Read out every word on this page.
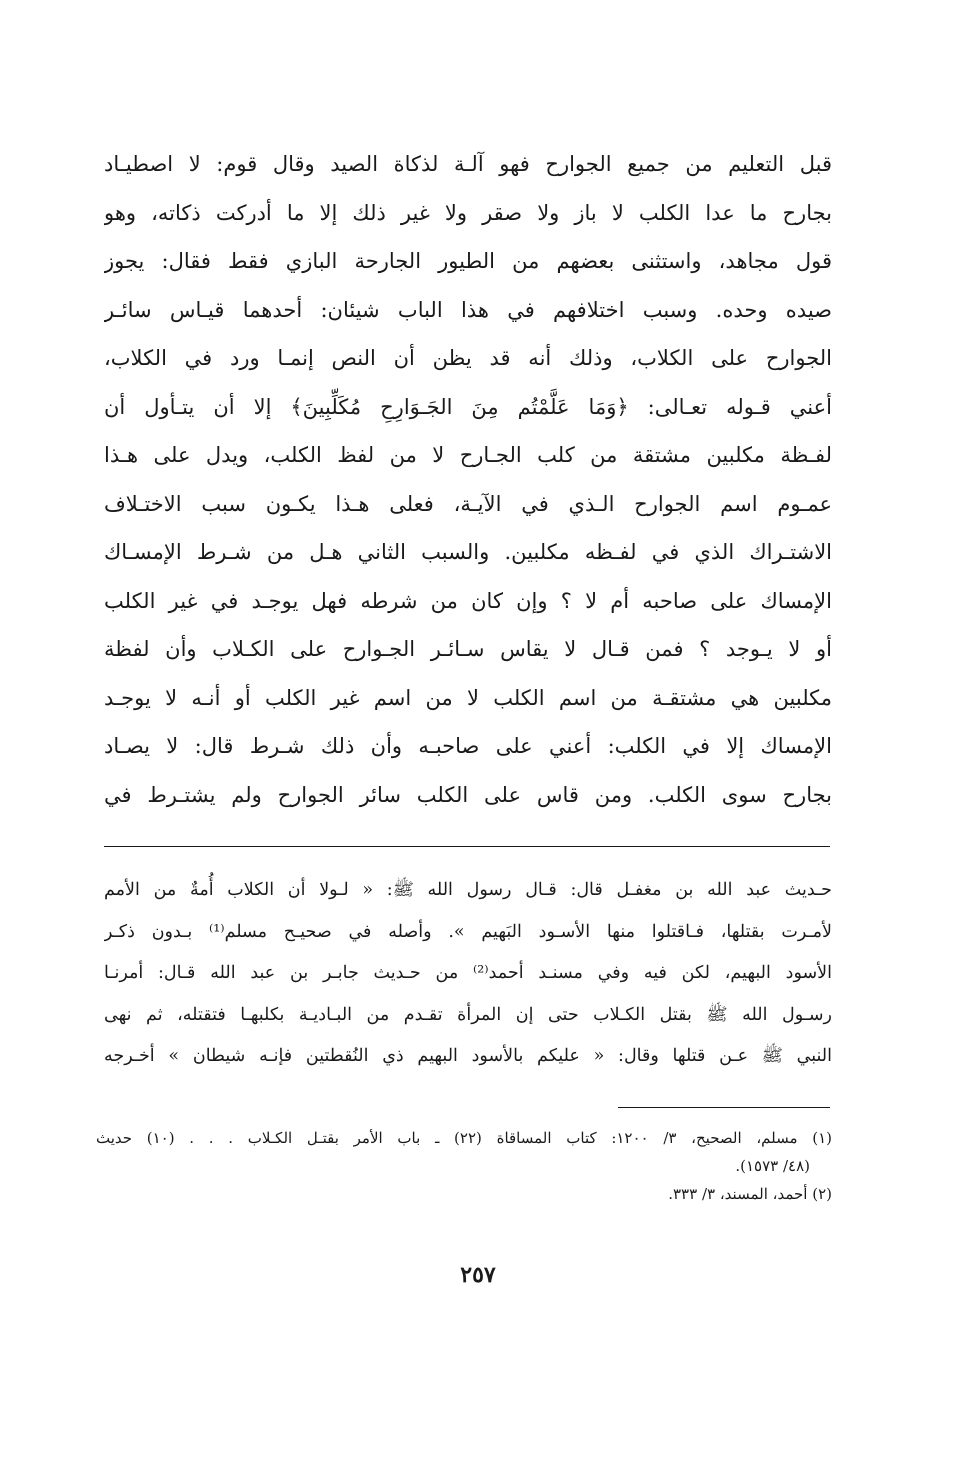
قبل التعليم من جميع الجوارح فهو آلـة لذكاة الصيد وقال قوم: لا اصطيـاد
بجارح ما عدا الكلب لا باز ولا صقر ولا غير ذلك إلا ما أدركت ذكاته، وهو
قول مجاهد، واستثنى بعضهم من الطيور الجارحة البازي فقط فقال: يجوز
صيده وحده. وسبب اختلافهم في هذا الباب شيئان: أحدهما قيـاس سائـر
الجوارح على الكلاب، وذلك أنه قد يظن أن النص إنمـا ورد في الكلاب،
أعني قـوله تعـالى: ﴿وَمَا عَلَّمْتُم مِنَ الجَـوَارِحِ مُكَلِّبِينَ﴾ إلا أن يتـأول أن
لفـظة مكلبين مشتقة من كلب الجـارح لا من لفظ الكلب، ويدل على هـذا
عمـوم اسم الجوارح الـذي في الآيـة، فعلى هـذا يكـون سبب الاختـلاف
الاشتـراك الذي في لفـظه مكلبين. والسبب الثاني هـل من شـرط الإمسـاك
الإمساك على صاحبه أم لا ؟ وإن كان من شرطه فهل يوجـد في غير الكلب
أو لا يـوجد ؟ فمن قـال لا يقاس سـائـر الجـوارح على الكـلاب وأن لفظة
مكلبين هي مشتقـة من اسم الكلب لا من اسم غير الكلب أو أنـه لا يوجـد
الإمساك إلا في الكلب: أعني على صاحبـه وأن ذلك شـرط قال: لا يصـاد
بجارح سوى الكلب. ومن قاس على الكلب سائر الجوارح ولم يشتـرط في
حـديث عبد الله بن مغفـل قال: قـال رسول الله ﷺ: « لـولا أن الكلاب أُمةٌ من الأمم
لأمـرت بقتلها، فـاقتلوا منها الأسـود البَهيم ». وأصله في صحيـح مسلم⁽¹⁾ بـدون ذكـر
الأسود البهيم، لكن فيه وفي مسنـد أحمد⁽²⁾ من حـديث جابـر بن عبد الله قـال: أمرنـا
رسـول الله ﷺ بقتل الكـلاب حتى إن المرأة تقـدم من البـاديـة بكلبهـا فتقتله، ثم نهى
النبي ﷺ عـن قتلها وقال: « عليكم بالأسود البهيم ذي النُقطتين فإنـه شيطان » أخـرجه
(١) مسلم، الصحيح، ٣/ ١٢٠٠: كتاب المساقاة (٢٢) ـ باب الأمر بقتـل الكـلاب . . . (١٠) حديث
(٤٨/ ١٥٧٣).
(٢) أحمد، المسند، ٣/ ٣٣٣.
٢٥٧
